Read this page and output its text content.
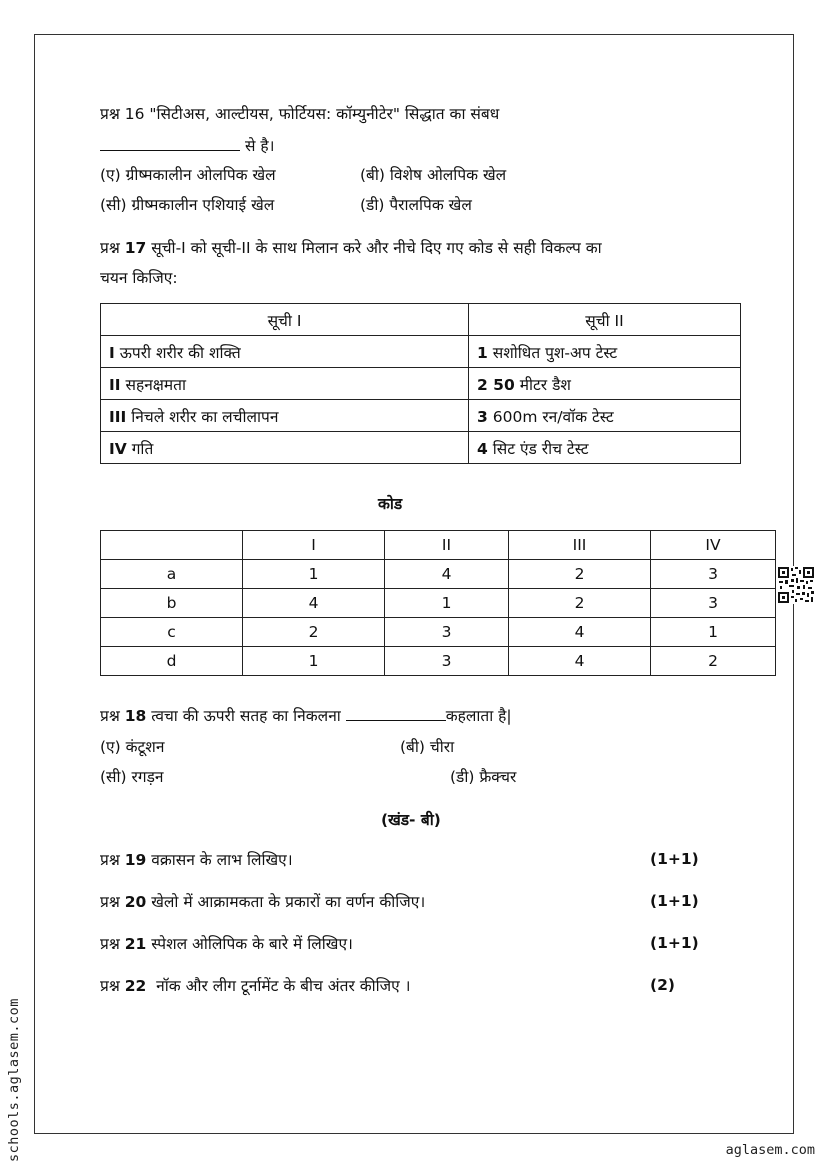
प्रश्न 16 "सिटीअस, आल्टीयस, फोर्टियस: कॉम्युनीटेर" सिद्धात का संबध
से है।
(ए) ग्रीष्मकालीन ओलपिक खेल	(बी) विशेष ओलपिक खेल
(सी) ग्रीष्मकालीन एशियाई खेल	(डी) पैरालपिक खेल
प्रश्न 17 सूची-I को सूची-II के साथ मिलान करे और नीचे दिए गए कोड से सही विकल्प का
चयन किजिए:
सूची I	सूची II
I ऊपरी शरीर की शक्ति	1 सशोधित पुश-अप टेस्ट
II सहनक्षमता	2 50 मीटर डैश
III निचले शरीर का लचीलापन	3 600m रन/वॉक टेस्ट
IV गति	4 सिट एंड रीच टेस्ट
कोड
	I	II	III	IV
a	1	4	2	3
b	4	1	2	3
c	2	3	4	1
d	1	3	4	2
प्रश्न 18 त्वचा की ऊपरी सतह का निकलना	कहलाता है|
(ए) कंटूशन	(बी) चीरा
(सी) रगड़न	(डी) फ्रैक्चर
(खंड- बी)
प्रश्न 19 वक्रासन के लाभ लिखिए।	(1+1)
प्रश्न 20 खेलो में आक्रामकता के प्रकारों का वर्णन कीजिए।	(1+1)
प्रश्न 21 स्पेशल ओलिपिक के बारे में लिखिए।	(1+1)
प्रश्न 22 नॉक और लीग टूर्नामेंट के बीच अंतर कीजिए ।	(2)
schools.aglasem.com	aglasem.com
